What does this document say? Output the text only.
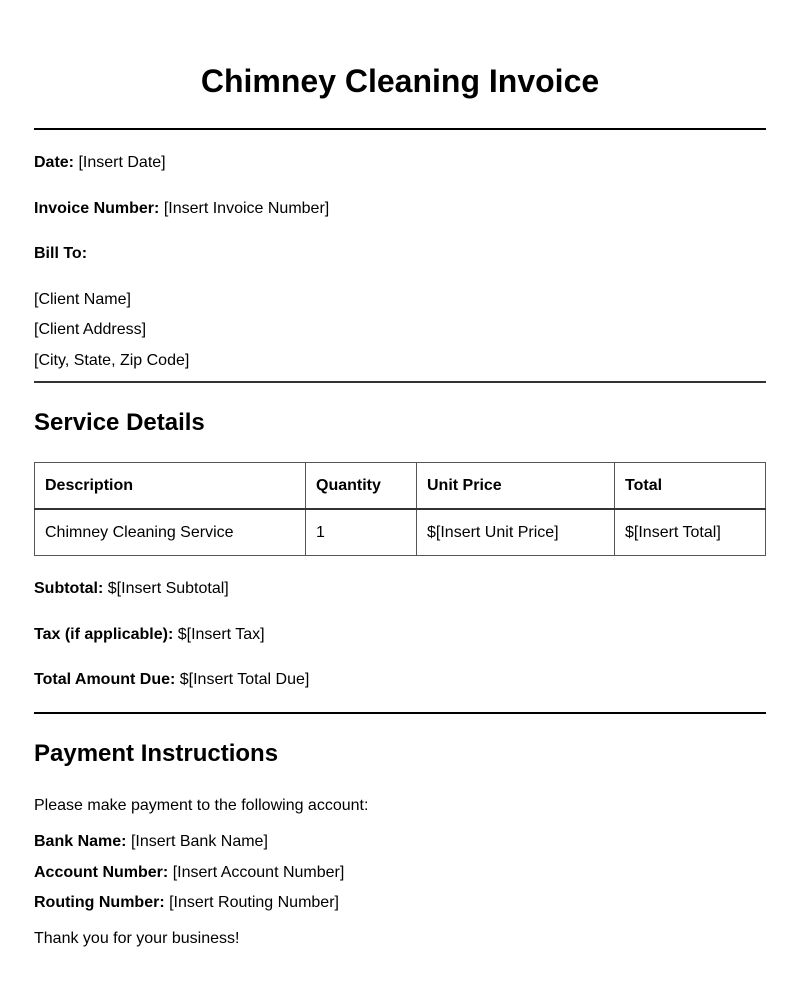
Chimney Cleaning Invoice
Date: [Insert Date]
Invoice Number: [Insert Invoice Number]
Bill To:
[Client Name]
[Client Address]
[City, State, Zip Code]
Service Details
Description	Quantity	Unit Price	Total
Chimney Cleaning Service	1	$[Insert Unit Price]	$[Insert Total]
Subtotal: $[Insert Subtotal]
Tax (if applicable): $[Insert Tax]
Total Amount Due: $[Insert Total Due]
Payment Instructions
Please make payment to the following account:
Bank Name: [Insert Bank Name]
Account Number: [Insert Account Number]
Routing Number: [Insert Routing Number]
Thank you for your business!
